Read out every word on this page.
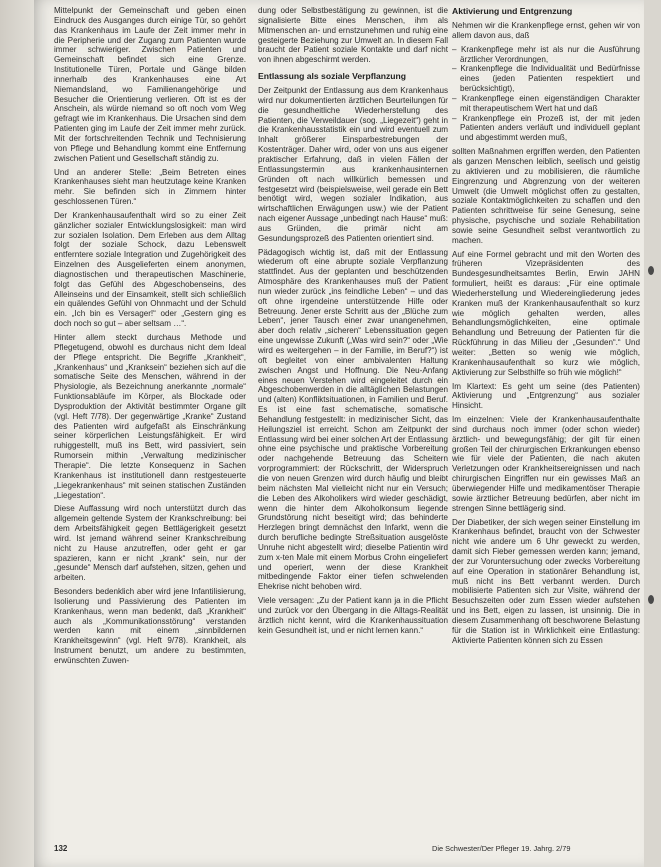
Mittelpunkt der Gemeinschaft und geben einen Eindruck des Ausganges durch einige Tür, so gehört das Krankenhaus im Laufe der Zeit immer mehr in die Peripherie und der Zugang zum Patienten wurde immer schwieriger. Zwischen Patienten und Gemeinschaft befindet sich eine Grenze. Institutionelle Türen, Portale und Gänge bilden innerhalb des Krankenhauses eine Art Niemandsland, wo Familienangehörige und Besucher die Orientierung verlieren. Oft ist es der Anschein, als würde niemand so oft noch vom Weg gefragt wie im Krankenhaus. Die Ursachen sind dem Patienten ging im Laufe der Zeit immer mehr zurück. Mit der fortschreitenden Technik und Technisierung von Pflege und Behandlung kommt eine Entfernung zwischen Patient und Gesellschaft ständig zu.

Und an anderer Stelle: „Beim Betreten eines Krankenhauses sieht man heutzutage keine Kranken mehr. Sie befinden sich in Zimmern hinter geschlossenen Türen.“

Der Krankenhausaufenthalt wird so zu einer Zeit gänzlicher sozialer Entwicklungslosigkeit: man wird zur sozialen Isolation. Dem Erleben aus dem Alltag folgt der soziale Schock, dazu Lebenswelt entferntere soziale Integration und Zugehörigkeit des Einzelnen des Ausgelieferten einem anonymen, diagnostischen und therapeutischen Maschinerie, folgt das Gefühl des Abgeschobenseins, des Alleinseins und der Einsamkeit, stellt sich schließlich ein quälendes Gefühl von Ohnmacht und der Schuld ein. „Ich bin es Versager!“ oder „Gestern ging es doch noch so gut – aber seltsam …“.

Hinter allem steckt durchaus Methode und Pflegetugend, obwohl es durchaus nicht dem Ideal der Pflege entspricht. Die Begriffe „Krankheit“, „Krankenhaus“ und „Kranksein“ beziehen sich auf die somatische Seite des Menschen, während in der Physiologie, als Bezeichnung anerkannte „normale“ Funktionsabläufe im Körper, als Blockade oder Dysproduktion der Aktivität bestimmter Organe gilt (vgl. Heft 7/78). Der gegenwärtige „Kranke“ Zustand des Patienten wird aufgefaßt als Einschränkung seiner körperlichen Leistungsfähigkeit. Er wird ruhiggestellt, muß ins Bett, wird passiviert, sein Rumorsein mithin „Verwaltung medizinischer Therapie“. Die letzte Konsequenz in Sachen Krankenhaus ist institutionell dann restgesteuerte „Liegekrankenhaus“ mit seinen statischen Zuständen „Liegestation“.

Diese Auffassung wird noch unterstützt durch das allgemein geltende System der Krankschreibung: bei dem Arbeitsfähigkeit gegen Bettlägerigkeit gesetzt wird. Ist jemand während seiner Krankschreibung nicht zu Hause anzutreffen, oder geht er gar spazieren, kann er nicht „krank“ sein, nur der „gesunde“ Mensch darf aufstehen, sitzen, gehen und arbeiten.

Besonders bedenklich aber wird jene Infantilisierung, Isolierung und Passivierung des Patienten im Krankenhaus, wenn man bedenkt, daß „Krankheit“ auch als „Kommunikationsstörung“ verstanden werden kann mit einem „sinnbildernen Krankheitsgewinn“ (vgl. Heft 9/78). Krankheit, als Instrument benutzt, um andere zu bestimmten, erwünschten Zuwen-

dung oder Selbstbestätigung zu gewinnen, ist die signalisierte Bitte eines Menschen, ihm als Mitmenschen an- und ernstzunehmen und ruhig eine gesteigerte Beziehung zur Umwelt an. In diesem Fall braucht der Patient soziale Kontakte und darf nicht von ihnen abgeschirmt werden.

Entlassung als soziale Verpflanzung

Der Zeitpunkt der Entlassung aus dem Krankenhaus wird nur dokumentierten ärztlichen Beurteilungen für die gesundheitliche Wiederherstellung des Patienten, die Verweildauer (sog. „Liegezeit“) geht in die Krankenhausstatistik ein und wird eventuell zum Inhalt größerer Einsparbestrebungen der Kostenträger. Daher wird, oder von uns aus eigener praktischer Erfahrung, daß in vielen Fällen der Entlassungstermin aus krankenhausinternen Gründen oft nach willkürlich bemessen und festgesetzt wird (beispielsweise, weil gerade ein Bett benötigt wird, wegen sozialer Indikation, aus wirtschaftlichen Erwägungen usw.) wie der Patient nach eigener Aussage „unbedingt nach Hause“ muß: aus Gründen, die primär nicht am Gesundungsprozeß des Patienten orientiert sind.

Pädagogisch wichtig ist, daß mit der Entlassung wiederum oft eine abrupte soziale Verpflanzung stattfindet. Aus der geplanten und beschützenden Atmosphäre des Krankenhauses muß der Patient nun wieder zurück „ins feindliche Leben“ – und das oft ohne irgendeine unterstützende Hilfe oder Betreuung. Jener erste Schritt aus der „Blüche zum Leben“, jener Tausch einer zwar unangenehmen, aber doch relativ „sicheren“ Lebenssituation gegen eine ungewisse Zukunft („Was wird sein?“ oder „Wie wird es weitergehen – in der Familie, im Beruf?“) ist oft begleitet von einer ambivalenten Haltung zwischen Angst und Hoffnung. Die Neu-Anfang eines neuen Verstehen wird eingeleitet durch ein Abgeschobenwerden in die alltäglichen Belastungen und (alten) Konfliktsituationen, in Familien und Beruf. Es ist eine fast schematische, somatische Behandlung festgestellt: in medizinischer Sicht, das Heilungsziel ist erreicht. Schon am Zeitpunkt der Entlassung wird bei einer solchen Art der Entlassung ohne eine psychische und praktische Vorbereitung oder nachgehende Betreuung das Scheitern vorprogrammiert: der Rückschritt, der Widerspruch die von neuen Grenzen wird durch häufig und bleibt beim nächsten Mal vielleicht nicht nur ein Versuch; die Leben des Alkoholikers wird wieder geschädigt, wenn die hinter dem Alkoholkonsum liegende Grundstörung nicht beseitigt wird; das behinderte Herzlegen bringt demnächst den Infarkt, wenn die durch berufliche bedingte Streßsituation ausgelöste Unruhe nicht abgestellt wird; dieselbe Patientin wird zum x-ten Male mit einem Morbus Crohn eingeliefert und operiert, wenn der diese Krankheit mitbedingende Faktor einer tiefen schwelenden Ehekrise nicht behoben wird.

Viele versagen: „Zu der Patient kann ja in die Pflicht und zurück vor den Übergang in die Alltags-Realität ärztlich nicht kennt, wird die Krankenhaussituation kein Gesundheit ist, und er nicht lernen kann.“

Aktivierung und Entgrenzung

Nehmen wir die Krankenpflege ernst, gehen wir von allem davon aus, daß

– Krankenpflege mehr ist als nur die Ausführung ärztlicher Verordnungen,
– Krankenpflege die Individualität und Bedürfnisse eines (jeden Patienten respektiert und berücksichtigt),
– Krankenpflege einen eigenständigen Charakter mit therapeutischem Wert hat und daß
– Krankenpflege ein Prozeß ist, der mit jeden Patienten anders verläuft und individuell geplant und abgestimmt werden muß,

sollten Maßnahmen ergriffen werden, den Patienten als ganzen Menschen leiblich, seelisch und geistig zu aktivieren und zu mobilisieren, die räumliche Eingrenzung und Abgrenzung von der weiteren Umwelt (die Umwelt möglichst offen zu gestalten, soziale Kontaktmöglichkeiten zu schaffen und den Patienten schrittweise für seine Genesung, seine physische, psychische und soziale Rehabilitation sowie seine Gesundheit selbst verantwortlich zu machen.

Auf eine Formel gebracht und mit den Worten des früheren Vizepräsidenten des Bundesgesundheitsamtes Berlin, Erwin JAHN formuliert, heißt es daraus: „Für eine optimale Wiederherstellung und Wiedereingliederung jedes Kranken muß der Krankenhausaufenthalt so kurz wie möglich gehalten werden, alles Behandlungsmöglichkeiten, eine optimale Behandlung und Betreuung der Patienten für die Rückführung in das Milieu der „Gesunden“.“ Und weiter: „Betten so wenig wie möglich, Krankenhausaufenthalt so kurz wie möglich, Aktivierung zur Selbsthilfe so früh wie möglich!“

Im Klartext: Es geht um seine (des Patienten) Aktivierung und „Entgrenzung“ aus sozialer Hinsicht.

Im einzelnen: Viele der Krankenhausaufenthalte sind durchaus noch immer (oder schon wieder) ärztlich- und bewegungsfähig; der gilt für einen großen Teil der chirurgischen Erkrankungen ebenso wie für viele der Patienten, die nach akuten Verletzungen oder Krankheitsereignissen und nach chirurgischen Eingriffen nur ein gewisses Maß an überwiegender Hilfe und medikamentöser Therapie sowie ärztlicher Betreuung bedürfen, aber nicht im strengen Sinne bettlägerig sind.

Der Diabetiker, der sich wegen seiner Einstellung im Krankenhaus befindet, braucht von der Schwester nicht wie andere um 6 Uhr geweckt zu werden, damit sich Fieber gemessen werden kann; jemand, der zur Voruntersuchung oder zwecks Vorbereitung auf eine Operation in stationärer Behandlung ist, muß nicht ins Bett verbannt werden. Durch mobilisierte Patienten sich zur Visite, während der Besuchszeiten oder zum Essen wieder aufstehen und ins Bett, eigen zu lassen, ist unsinnig. Die in diesem Zusammenhang oft beschworene Belastung für die Station ist in Wirklichkeit eine Entlastung: Aktivierte Patienten können sich zu Essen

132	Die Schwester/Der Pfleger 19. Jahrg. 2/79
